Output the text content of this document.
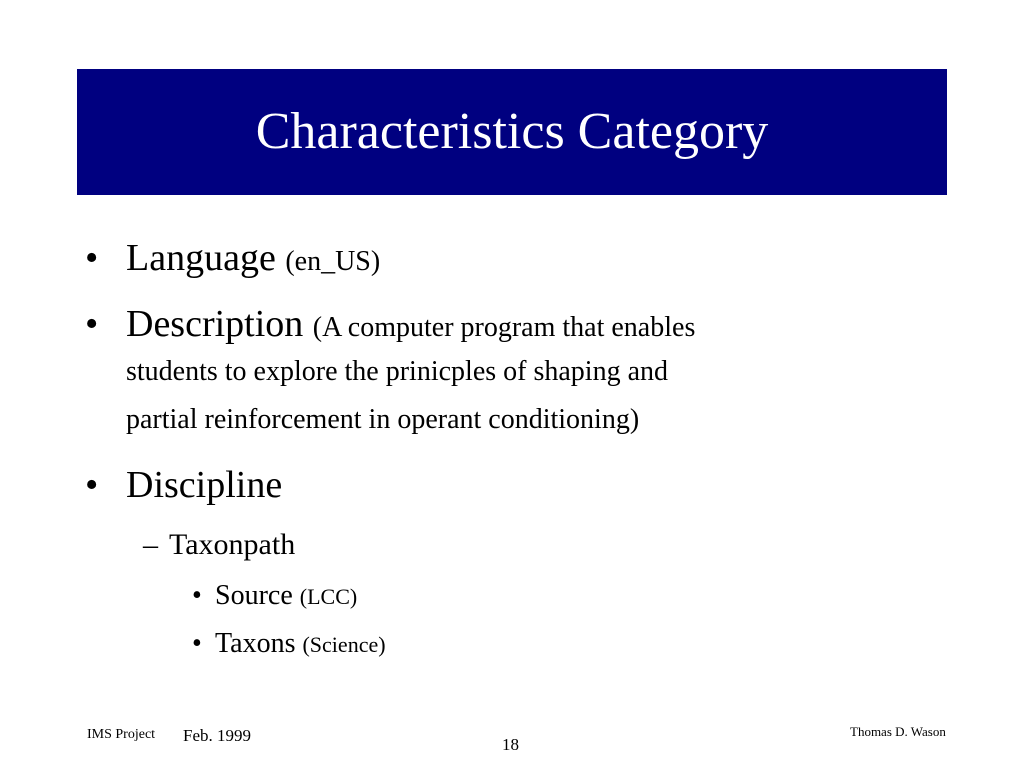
Characteristics Category
• Language (en_US)
• Description (A computer program that enables
students to explore the prinicples of shaping and
partial reinforcement in operant conditioning)
• Discipline
– Taxonpath
• Source (LCC)
• Taxons (Science)
IMS Project Feb. 1999	18
Thomas D. Wason
